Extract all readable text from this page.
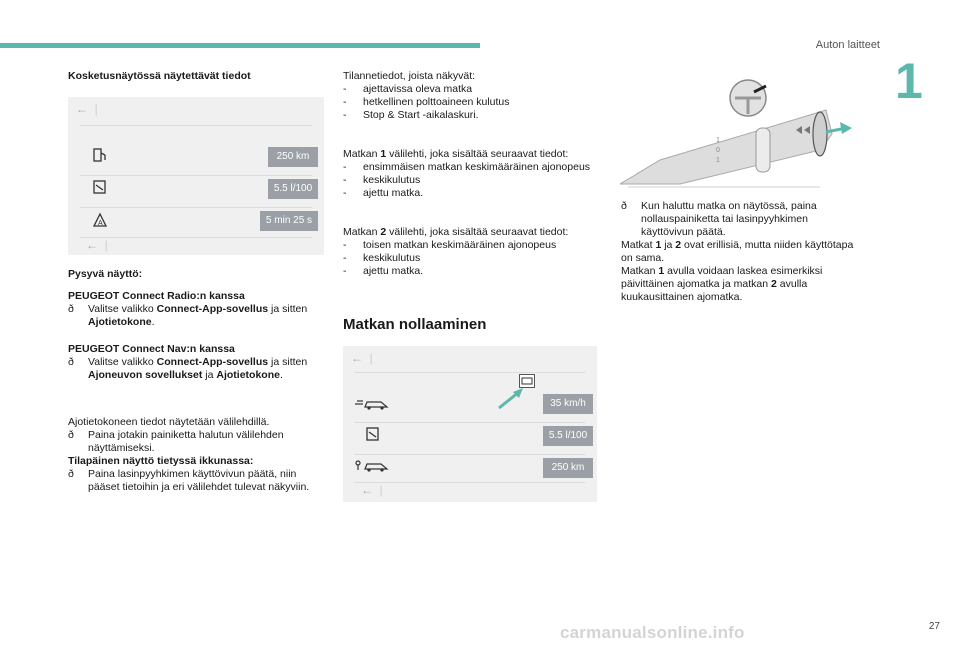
Auton laitteet
1
Kosketusnäytössä näytettävät tiedot
←  |
250 km
5.5 l/100
A	5 min 25 s
←  |
Pysyvä näyttö:
PEUGEOT Connect Radio:n kanssa
ð Valitse valikko Connect-App-sovellus ja sitten Ajotietokone.
PEUGEOT Connect Nav:n kanssa
ð Valitse valikko Connect-App-sovellus ja sitten Ajoneuvon sovellukset ja Ajotietokone.
Ajotietokoneen tiedot näytetään välilehdillä.
ð Paina jotakin painiketta halutun välilehden näyttämiseksi.
Tilapäinen näyttö tietyssä ikkunassa:
ð Paina lasinpyyhkimen käyttövivun päätä, niin pääset tietoihin ja eri välilehdet tulevat näkyviin.
Tilannetiedot, joista näkyvät:
- ajettavissa oleva matka
- hetkellinen polttoaineen kulutus
- Stop & Start -aikalaskuri.
Matkan 1 välilehti, joka sisältää seuraavat tiedot:
- ensimmäisen matkan keskimääräinen ajonopeus
- keskikulutus
- ajettu matka.
Matkan 2 välilehti, joka sisältää seuraavat tiedot:
- toisen matkan keskimääräinen ajonopeus
- keskikulutus
- ajettu matka.
Matkan nollaaminen
←  |
35 km/h
5.5 l/100
250 km
←  |
1
0
1
ð Kun haluttu matka on näytössä, paina nollauspainiketta tai lasinpyyhkimen käyttövivun päätä.
Matkat 1 ja 2 ovat erillisiä, mutta niiden käyttötapa on sama.
Matkan 1 avulla voidaan laskea esimerkiksi päivittäinen ajomatka ja matkan 2 avulla kuukausittainen ajomatka.
27
carmanualsonline.info
